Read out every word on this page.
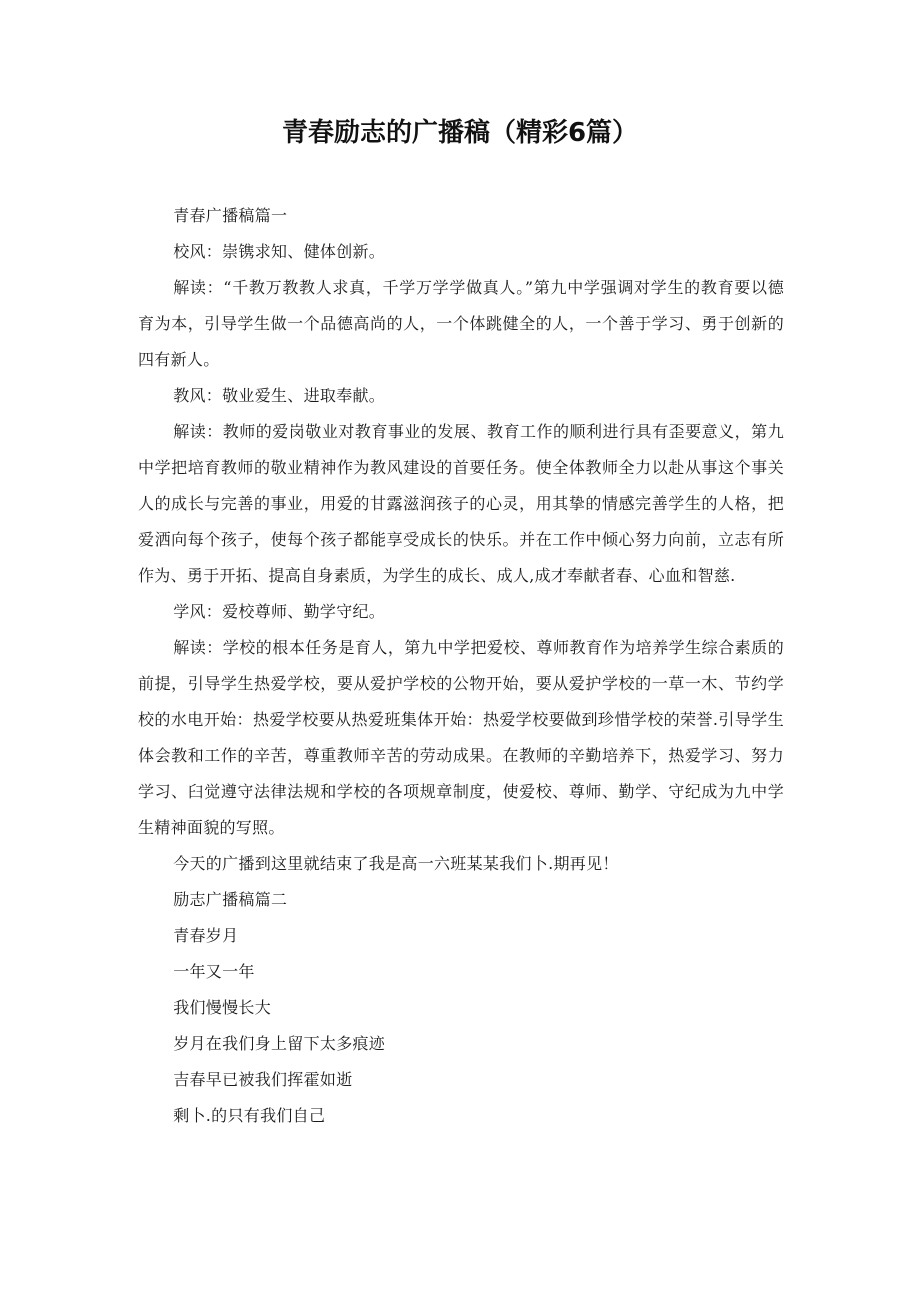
青春励志的广播稿（精彩6篇）

青春广播稿篇一

校风：崇镌求知、健体创新。

解读：“千教万教教人求真，千学万学学做真人。”第九中学强调对学生的教育要以德育为本，引导学生做一个品德高尚的人，一个体跳健全的人，一个善于学习、勇于创新的四有新人。

教风：敬业爱生、进取奉献。

解读：教师的爱岗敬业对教育事业的发展、教育工作的顺利进行具有歪要意义，第九中学把培育教师的敬业精神作为教风建设的首要任务。使全体教师全力以赴从事这个事关人的成长与完善的事业，用爱的甘露滋润孩子的心灵，用其挚的情感完善学生的人格，把爱洒向每个孩子，使每个孩子都能享受成长的快乐。并在工作中倾心努力向前，立志有所作为、勇于开拓、提高自身素质，为学生的成长、成人,成才奉献者春、心血和智慈.

学风：爱校尊师、勤学守纪。

解读：学校的根本任务是育人，第九中学把爱校、尊师教育作为培养学生综合素质的前提，引导学生热爱学校，要从爱护学校的公物开始，要从爱护学校的一草一木、节约学校的水电开始：热爱学校要从热爱班集体开始：热爱学校要做到珍惜学校的荣誉.引导学生体会教和工作的辛苦，尊重教师辛苦的劳动成果。在教师的辛勤培养下，热爱学习、努力学习、臼觉遵守法律法规和学校的各项规章制度，使爱校、尊师、勤学、守纪成为九中学生精神面貌的写照。

今天的广播到这里就结束了我是高一六班某某我们卜.期再见！

励志广播稿篇二

青春岁月

一年又一年

我们慢慢长大

岁月在我们身上留下太多痕迹

吉春早已被我们挥霍如逝

剩卜.的只有我们自己
